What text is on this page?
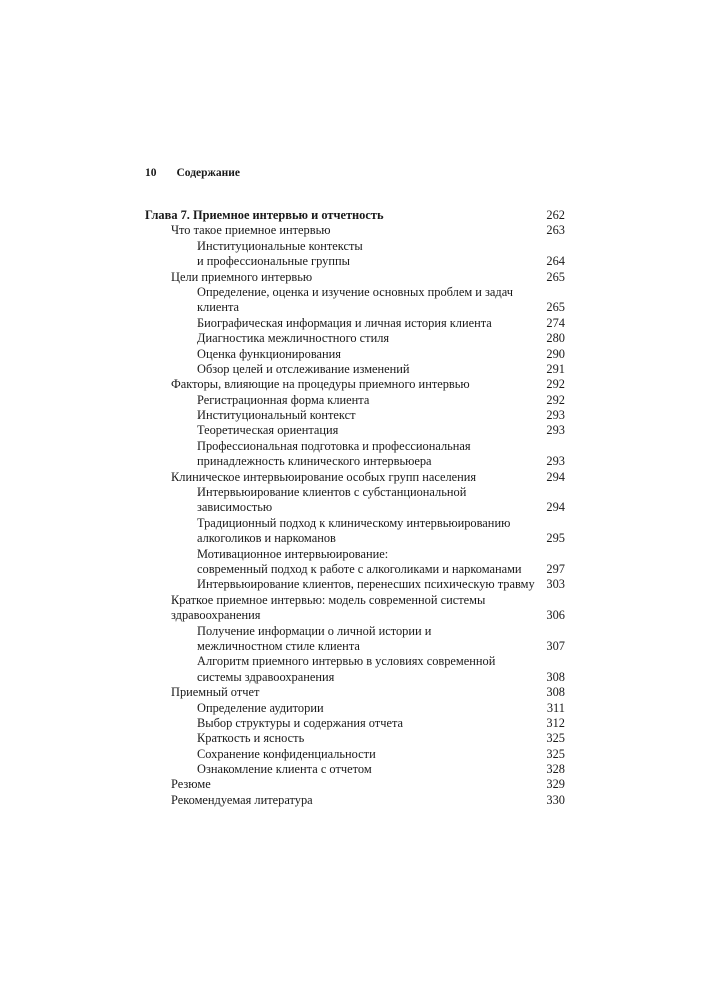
10 Содержание
Глава 7. Приемное интервью и отчетность	262
Что такое приемное интервью	263
Институциональные контексты
и профессиональные группы	264
Цели приемного интервью	265
Определение, оценка и изучение основных проблем и задач
клиента	265
Биографическая информация и личная история клиента	274
Диагностика межличностного стиля	280
Оценка функционирования	290
Обзор целей и отслеживание изменений	291
Факторы, влияющие на процедуры приемного интервью	292
Регистрационная форма клиента	292
Институциональный контекст	293
Теоретическая ориентация	293
Профессиональная подготовка и профессиональная
принадлежность клинического интервьюера	293
Клиническое интервьюирование особых групп населения	294
Интервьюирование клиентов с субстанциональной
зависимостью	294
Традиционный подход к клиническому интервьюированию
алкоголиков и наркоманов	295
Мотивационное интервьюирование:
современный подход к работе с алкоголиками и наркоманами	297
Интервьюирование клиентов, перенесших психическую травму 303
Краткое приемное интервью: модель современной системы
здравоохранения	306
Получение информации о личной истории и
межличностном стиле клиента	307
Алгоритм приемного интервью в условиях современной
системы здравоохранения	308
Приемный отчет	308
Определение аудитории	311
Выбор структуры и содержания отчета	312
Краткость и ясность	325
Сохранение конфиденциальности	325
Ознакомление клиента с отчетом	328
Резюме	329
Рекомендуемая литература	330
